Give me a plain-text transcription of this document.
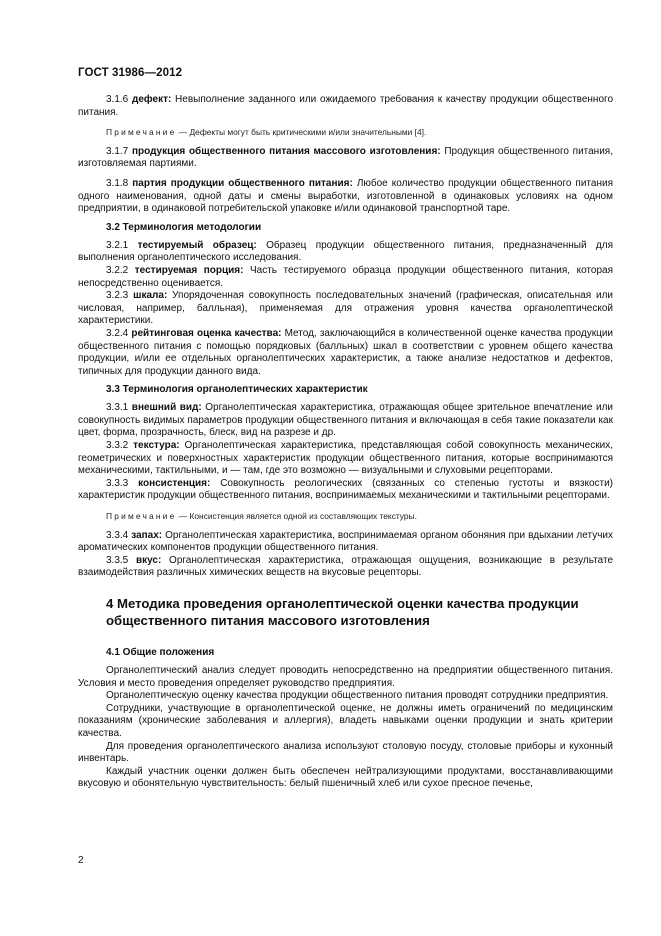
ГОСТ 31986—2012

3.1.6 дефект: Невыполнение заданного или ожидаемого требования к качеству продукции общественного питания.

Примечание — Дефекты могут быть критическими и/или значительными [4].

3.1.7 продукция общественного питания массового изготовления: Продукция общественного питания, изготовляемая партиями.

3.1.8 партия продукции общественного питания: Любое количество продукции общественного питания одного наименования, одной даты и смены выработки, изготовленной в одинаковых условиях на одном предприятии, в одинаковой потребительской упаковке и/или одинаковой транспортной таре.

3.2 Терминология методологии

3.2.1 тестируемый образец: Образец продукции общественного питания, предназначенный для выполнения органолептического исследования.

3.2.2 тестируемая порция: Часть тестируемого образца продукции общественного питания, которая непосредственно оценивается.

3.2.3 шкала: Упорядоченная совокупность последовательных значений (графическая, описательная или числовая, например, балльная), применяемая для отражения уровня качества органолептической характеристики.

3.2.4 рейтинговая оценка качества: Метод, заключающийся в количественной оценке качества продукции общественного питания с помощью порядковых (балльных) шкал в соответствии с уровнем общего качества продукции, и/или ее отдельных органолептических характеристик, а также анализе недостатков и дефектов, типичных для продукции данного вида.

3.3 Терминология органолептических характеристик

3.3.1 внешний вид: Органолептическая характеристика, отражающая общее зрительное впечатление или совокупность видимых параметров продукции общественного питания и включающая в себя такие показатели как цвет, форма, прозрачность, блеск, вид на разрезе и др.

3.3.2 текстура: Органолептическая характеристика, представляющая собой совокупность механических, геометрических и поверхностных характеристик продукции общественного питания, которые воспринимаются механическими, тактильными, и — там, где это возможно — визуальными и слуховыми рецепторами.

3.3.3 консистенция: Совокупность реологических (связанных со степенью густоты и вязкости) характеристик продукции общественного питания, воспринимаемых механическими и тактильными рецепторами.

Примечание — Консистенция является одной из составляющих текстуры.

3.3.4 запах: Органолептическая характеристика, воспринимаемая органом обоняния при вдыхании летучих ароматических компонентов продукции общественного питания.

3.3.5 вкус: Органолептическая характеристика, отражающая ощущения, возникающие в результате взаимодействия различных химических веществ на вкусовые рецепторы.

4 Методика проведения органолептической оценки качества продукции общественного питания массового изготовления
4.1 Общие положения

Органолептический анализ следует проводить непосредственно на предприятии общественного питания. Условия и место проведения определяет руководство предприятия.

Органолептическую оценку качества продукции общественного питания проводят сотрудники предприятия.

Сотрудники, участвующие в органолептической оценке, не должны иметь ограничений по медицинским показаниям (хронические заболевания и аллергия), владеть навыками оценки продукции и знать критерии качества.

Для проведения органолептического анализа используют столовую посуду, столовые приборы и кухонный инвентарь.

Каждый участник оценки должен быть обеспечен нейтрализующими продуктами, восстанавливающими вкусовую и обонятельную чувствительность: белый пшеничный хлеб или сухое пресное печенье,

2
